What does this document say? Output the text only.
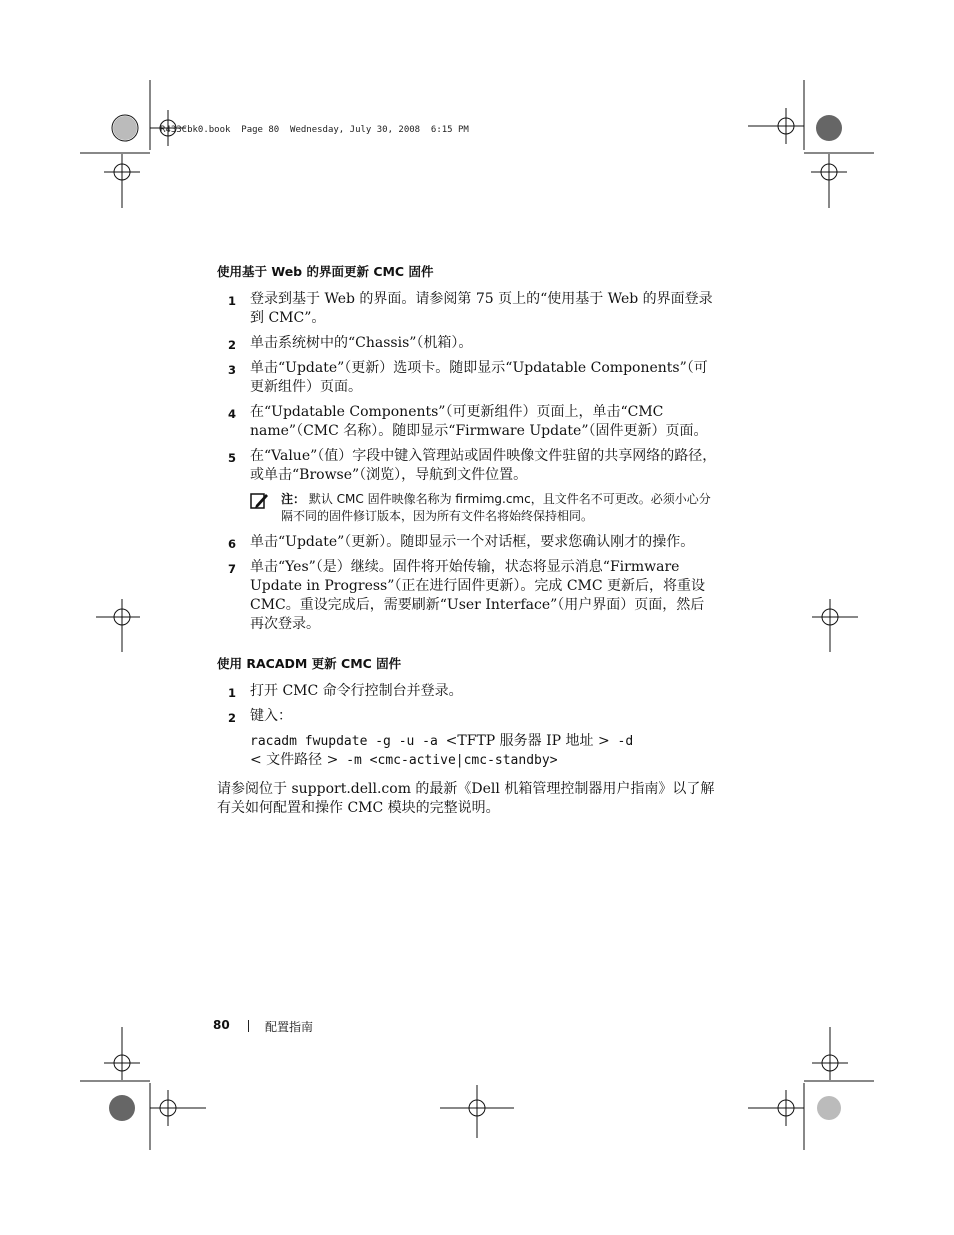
R433Cbk0.book  Page 80  Wednesday, July 30, 2008  6:15 PM
使用基于 Web 的界面更新 CMC 固件
1 登录到基于 Web 的界面。请参阅第 75 页上的“使用基于 Web 的界面登录到 CMC”。
2 单击系统树中的“Chassis”（机箱）。
3 单击“Update”（更新）选项卡。随即显示“Updatable Components”（可更新组件）页面。
4 在“Updatable Components”（可更新组件）页面上，单击“CMC name”（CMC 名称）。随即显示“Firmware Update”（固件更新）页面。
5 在“Value”（值）字段中键入管理站或固件映像文件驻留的共享网络的路径，或单击“Browse”（浏览），导航到文件位置。
注： 默认 CMC 固件映像名称为 firmimg.cmc，且文件名不可更改。必须小心分隔不同的固件修订版本，因为所有文件名将始终保持相同。
6 单击“Update”（更新）。随即显示一个对话框，要求您确认刚才的操作。
7 单击“Yes”（是）继续。固件将开始传输，状态将显示消息“Firmware Update in Progress”（正在进行固件更新）。完成 CMC 更新后，将重设 CMC。重设完成后，需要刷新“User Interface”（用户界面）页面，然后再次登录。
使用 RACADM 更新 CMC 固件
1 打开 CMC 命令行控制台并登录。
2 键入：
racadm fwupdate -g -u -a <TFTP 服务器 IP 地址 > -d
< 文件路径 > -m <cmc-active|cmc-standby>
请参阅位于 support.dell.com 的最新《Dell 机箱管理控制器用户指南》以了解有关如何配置和操作 CMC 模块的完整说明。
80	配置指南
